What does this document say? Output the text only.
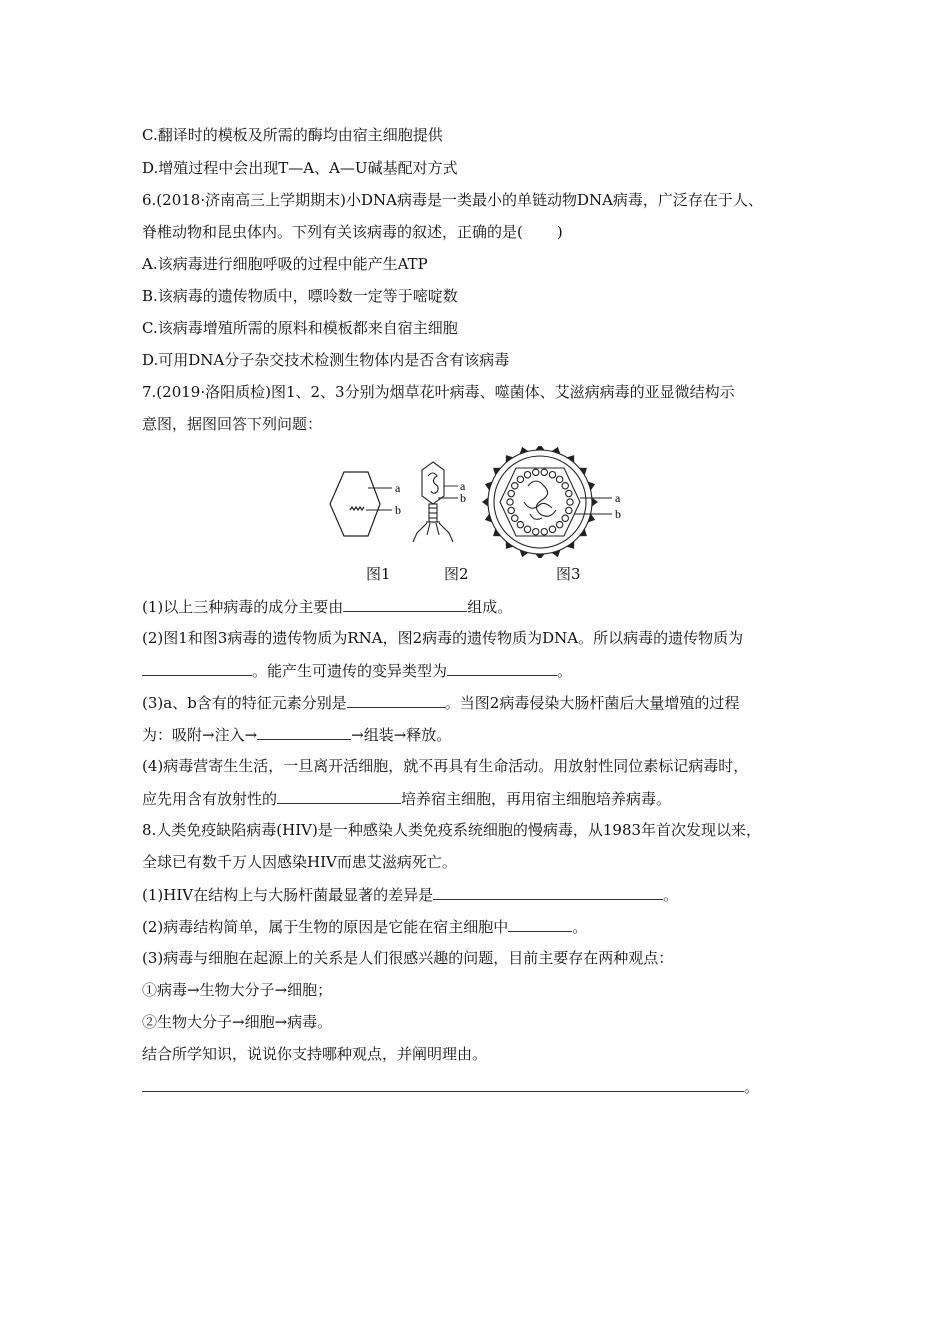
C.翻译时的模板及所需的酶均由宿主细胞提供
D.增殖过程中会出现T—A、A—U碱基配对方式
6.(2018·济南高三上学期期末)小DNA病毒是一类最小的单链动物DNA病毒，广泛存在于人、
脊椎动物和昆虫体内。下列有关该病毒的叙述，正确的是( )
A.该病毒进行细胞呼吸的过程中能产生ATP
B.该病毒的遗传物质中，嘌呤数一定等于嘧啶数
C.该病毒增殖所需的原料和模板都来自宿主细胞
D.可用DNA分子杂交技术检测生物体内是否含有该病毒
7.(2019·洛阳质检)图1、2、3分别为烟草花叶病毒、噬菌体、艾滋病病毒的亚显微结构示
意图，据图回答下列问题：
a
b
a
b	a
b
图1	图2	图3
(1)以上三种病毒的成分主要由	组成。
(2)图1和图3病毒的遗传物质为RNA，图2病毒的遗传物质为DNA。所以病毒的遗传物质为
。能产生可遗传的变异类型为	。
(3)a、b含有的特征元素分别是	。当图2病毒侵染大肠杆菌后大量增殖的过程
为：吸附→注入→	→组装→释放。
(4)病毒营寄生生活，一旦离开活细胞，就不再具有生命活动。用放射性同位素标记病毒时，
应先用含有放射性的	培养宿主细胞，再用宿主细胞培养病毒。
8.人类免疫缺陷病毒(HIV)是一种感染人类免疫系统细胞的慢病毒，从1983年首次发现以来，
全球已有数千万人因感染HIV而患艾滋病死亡。
(1)HIV在结构上与大肠杆菌最显著的差异是	。
(2)病毒结构简单，属于生物的原因是它能在宿主细胞中	。
(3)病毒与细胞在起源上的关系是人们很感兴趣的问题，目前主要存在两种观点：
①病毒→生物大分子→细胞；
②生物大分子→细胞→病毒。
结合所学知识，说说你支持哪种观点，并阐明理由。
。
